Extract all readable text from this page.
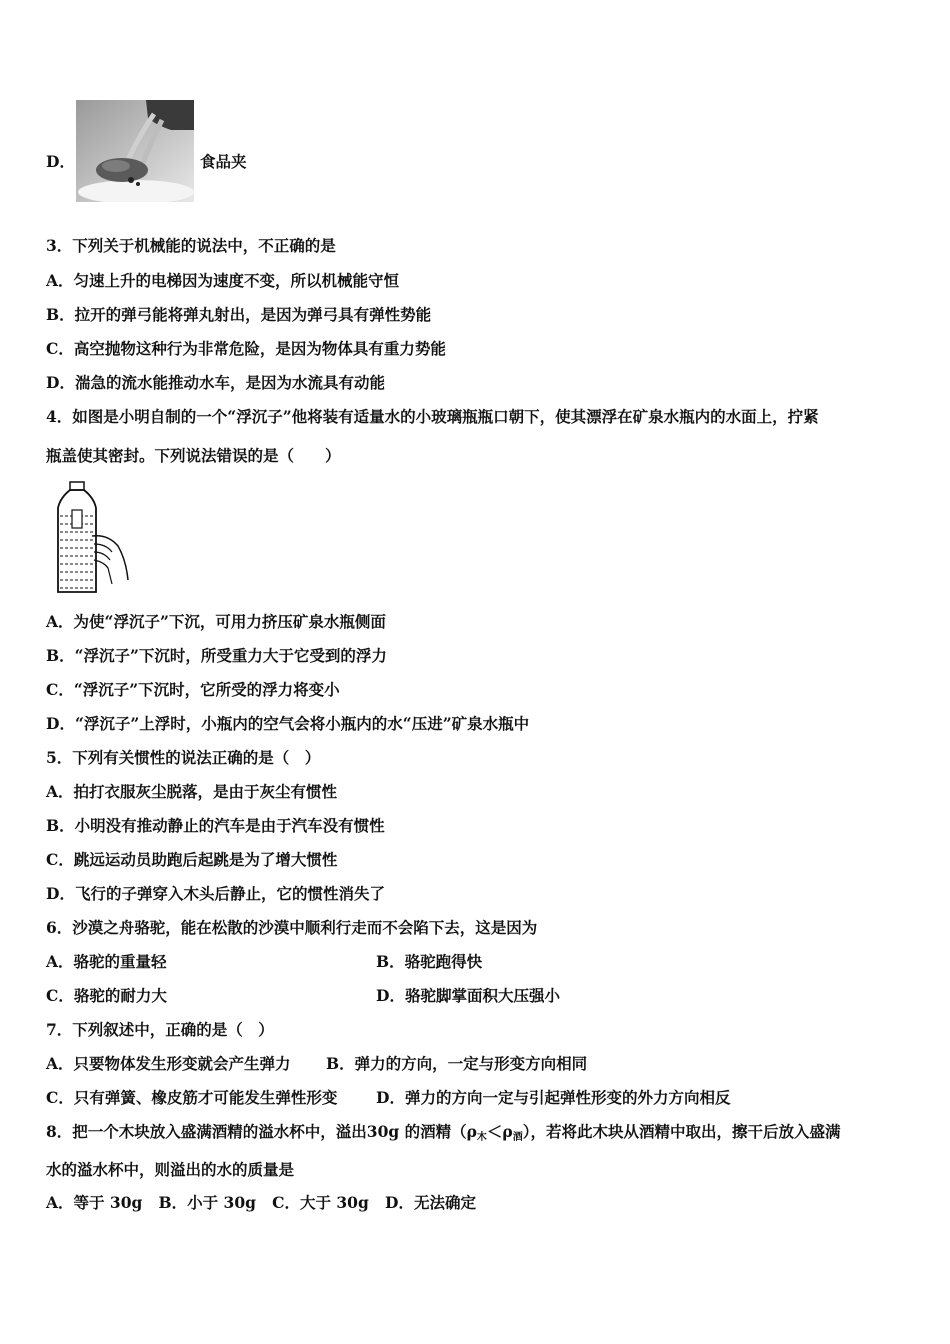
D．	食品夹
3．下列关于机械能的说法中，不正确的是
A．匀速上升的电梯因为速度不变，所以机械能守恒
B．拉开的弹弓能将弹丸射出，是因为弹弓具有弹性势能
C．高空抛物这种行为非常危险，是因为物体具有重力势能
D．湍急的流水能推动水车，是因为水流具有动能
4．如图是小明自制的一个“浮沉子”他将装有适量水的小玻璃瓶瓶口朝下，使其漂浮在矿泉水瓶内的水面上，拧紧
瓶盖使其密封。下列说法错误的是（　　）
A．为使“浮沉子”下沉，可用力挤压矿泉水瓶侧面
B．“浮沉子”下沉时，所受重力大于它受到的浮力
C．“浮沉子”下沉时，它所受的浮力将变小
D．“浮沉子”上浮时，小瓶内的空气会将小瓶内的水“压进”矿泉水瓶中
5．下列有关惯性的说法正确的是（　）
A．拍打衣服灰尘脱落，是由于灰尘有惯性
B．小明没有推动静止的汽车是由于汽车没有惯性
C．跳远运动员助跑后起跳是为了增大惯性
D．飞行的子弹穿入木头后静止，它的惯性消失了
6．沙漠之舟骆驼，能在松散的沙漠中顺利行走而不会陷下去，这是因为
A．骆驼的重量轻	B．骆驼跑得快
C．骆驼的耐力大	D．骆驼脚掌面积大压强小
7．下列叙述中，正确的是（　）
A．只要物体发生形变就会产生弹力 B．弹力的方向，一定与形变方向相同
C．只有弹簧、橡皮筋才可能发生弹性形变 D．弹力的方向一定与引起弹性形变的外力方向相反
8．把一个木块放入盛满酒精的溢水杯中，溢出30g 的酒精$(\rho_木<\rho_酒)$，若将此木块从酒精中取出，擦干后放入盛满
水的溢水杯中，则溢出的水的质量是
A．等于 30g B．小于 30g C．大于 30g D．无法确定
